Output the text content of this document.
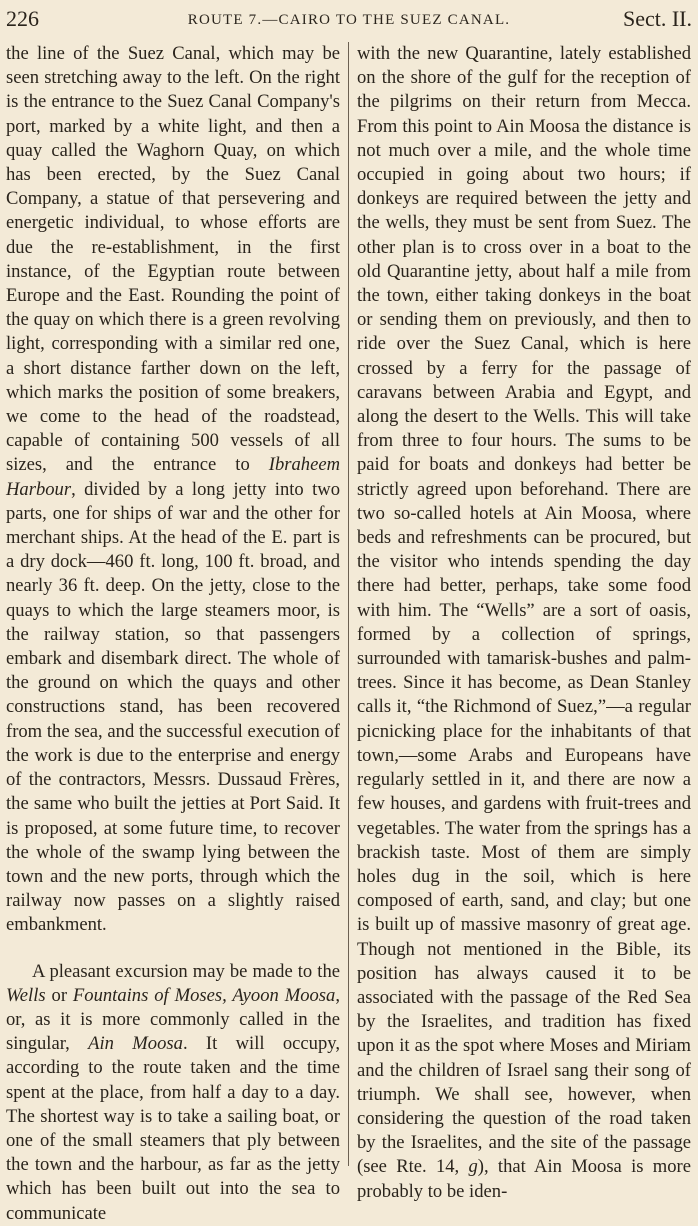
226	ROUTE 7.—CAIRO TO THE SUEZ CANAL.	Sect. II.

the line of the Suez Canal, which may be seen stretching away to the left. On the right is the entrance to the Suez Canal Company's port, marked by a white light, and then a quay called the Waghorn Quay, on which has been erected, by the Suez Canal Company, a statue of that persevering and energetic individual, to whose efforts are due the re-establishment, in the first instance, of the Egyptian route between Europe and the East. Rounding the point of the quay on which there is a green revolving light, corresponding with a similar red one, a short distance farther down on the left, which marks the position of some breakers, we come to the head of the roadstead, capable of containing 500 vessels of all sizes, and the entrance to Ibraheem Harbour, divided by a long jetty into two parts, one for ships of war and the other for merchant ships. At the head of the E. part is a dry dock—460 ft. long, 100 ft. broad, and nearly 36 ft. deep. On the jetty, close to the quays to which the large steamers moor, is the railway station, so that passengers embark and disembark direct. The whole of the ground on which the quays and other constructions stand, has been recovered from the sea, and the successful execution of the work is due to the enterprise and energy of the contractors, Messrs. Dussaud Frères, the same who built the jetties at Port Said. It is proposed, at some future time, to recover the whole of the swamp lying between the town and the new ports, through which the railway now passes on a slightly raised embankment.

A pleasant excursion may be made to the Wells or Fountains of Moses, Ayoon Moosa, or, as it is more commonly called in the singular, Ain Moosa. It will occupy, according to the route taken and the time spent at the place, from half a day to a day. The shortest way is to take a sailing boat, or one of the small steamers that ply between the town and the harbour, as far as the jetty which has been built out into the sea to communicate

with the new Quarantine, lately established on the shore of the gulf for the reception of the pilgrims on their return from Mecca. From this point to Ain Moosa the distance is not much over a mile, and the whole time occupied in going about two hours; if donkeys are required between the jetty and the wells, they must be sent from Suez. The other plan is to cross over in a boat to the old Quarantine jetty, about half a mile from the town, either taking donkeys in the boat or sending them on previously, and then to ride over the Suez Canal, which is here crossed by a ferry for the passage of caravans between Arabia and Egypt, and along the desert to the Wells. This will take from three to four hours. The sums to be paid for boats and donkeys had better be strictly agreed upon beforehand. There are two so-called hotels at Ain Moosa, where beds and refreshments can be procured, but the visitor who intends spending the day there had better, perhaps, take some food with him. The “Wells” are a sort of oasis, formed by a collection of springs, surrounded with tamarisk-bushes and palm-trees. Since it has become, as Dean Stanley calls it, “the Richmond of Suez,”—a regular picnicking place for the inhabitants of that town,—some Arabs and Europeans have regularly settled in it, and there are now a few houses, and gardens with fruit-trees and vegetables. The water from the springs has a brackish taste. Most of them are simply holes dug in the soil, which is here composed of earth, sand, and clay; but one is built up of massive masonry of great age. Though not mentioned in the Bible, its position has always caused it to be associated with the passage of the Red Sea by the Israelites, and tradition has fixed upon it as the spot where Moses and Miriam and the children of Israel sang their song of triumph. We shall see, however, when considering the question of the road taken by the Israelites, and the site of the passage (see Rte. 14, g), that Ain Moosa is more probably to be iden-
